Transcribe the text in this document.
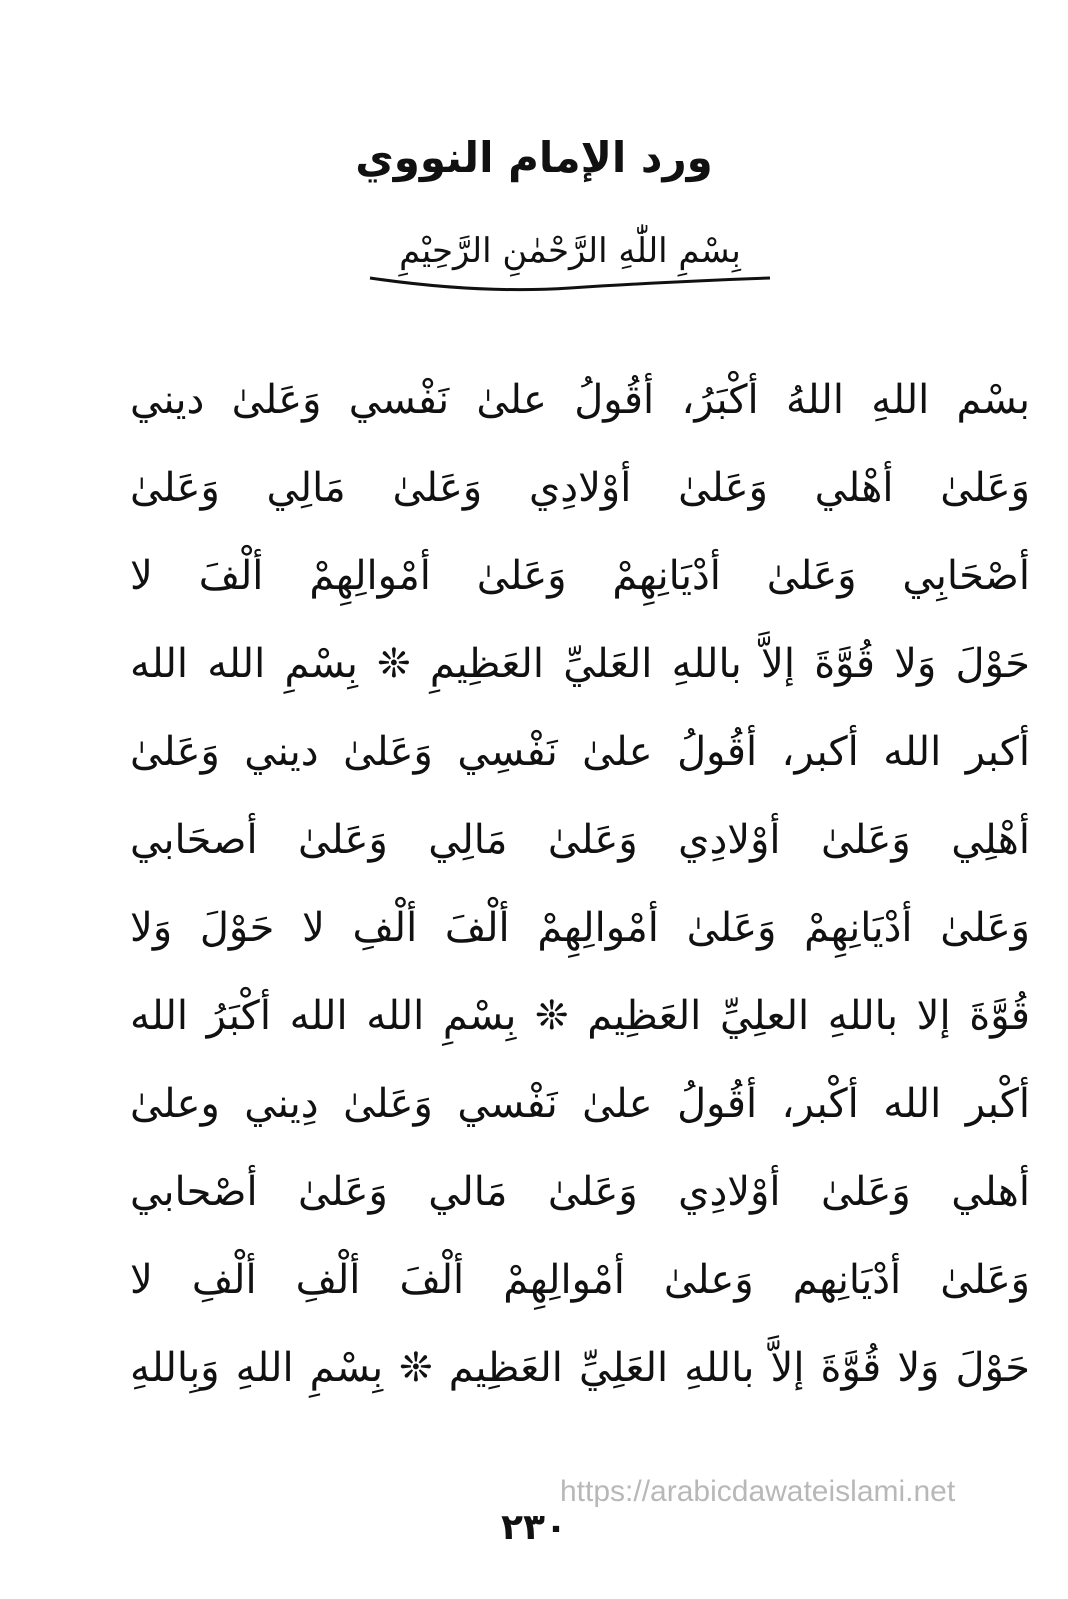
ورد الإمام النووي
بِسْمِ اللّٰهِ الرَّحْمٰنِ الرَّحِيْمِ
بسْم اللهِ اللهُ أكْبَرُ، أقُولُ علىٰ نَفْسي وَعَلىٰ ديني
وَعَلىٰ أهْلي وَعَلىٰ أوْلادِي وَعَلىٰ مَالِي وَعَلىٰ
أصْحَابِي وَعَلىٰ أدْيَانِهِمْ وَعَلىٰ أمْوالِهِمْ ألْفَ لا
حَوْلَ وَلا قُوَّةَ إلاَّ باللهِ العَليِّ العَظِيمِ ❊ بِسْمِ الله الله
أكبر الله أكبر، أقُولُ علىٰ نَفْسِي وَعَلىٰ ديني وَعَلىٰ
أهْلِي وَعَلىٰ أوْلادِي وَعَلىٰ مَالِي وَعَلىٰ أصحَابي
وَعَلىٰ أدْيَانِهِمْ وَعَلىٰ أمْوالِهِمْ ألْفَ ألْفِ لا حَوْلَ وَلا
قُوَّةَ إلا باللهِ العلِيِّ العَظِيم ❊ بِسْمِ الله الله أكْبَرُ الله
أكْبر الله أكْبر، أقُولُ علىٰ نَفْسي وَعَلىٰ دِيني وعلىٰ
أهلي وَعَلىٰ أوْلادِي وَعَلىٰ مَالي وَعَلىٰ أصْحابي
وَعَلىٰ أدْيَانِهم وَعلىٰ أمْوالِهِمْ ألْفَ ألْفِ ألْفِ لا
حَوْلَ وَلا قُوَّةَ إلاَّ باللهِ العَلِيِّ العَظِيم ❊ بِسْمِ اللهِ وَبِاللهِ
https://arabicdawateislami.net
٢٣٠
